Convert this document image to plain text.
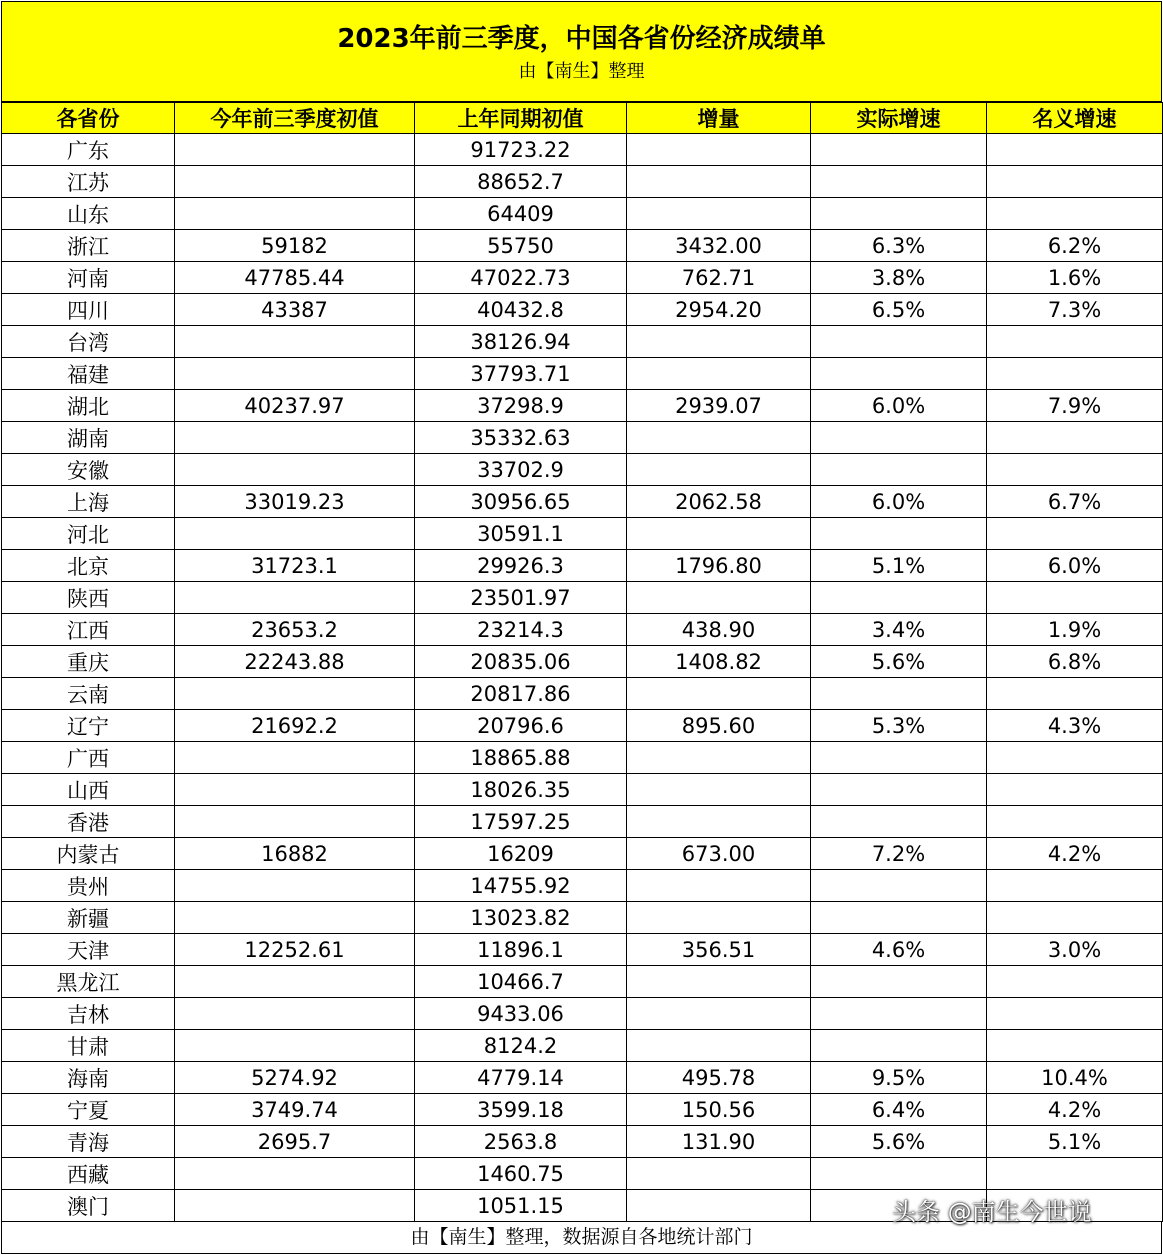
2023年前三季度，中国各省份经济成绩单
由【南生】整理
各省份	今年前三季度初值	上年同期初值	增量	实际增速	名义增速
广东		91723.22			
江苏		88652.7			
山东		64409			
浙江	59182	55750	3432.00	6.3%	6.2%
河南	47785.44	47022.73	762.71	3.8%	1.6%
四川	43387	40432.8	2954.20	6.5%	7.3%
台湾		38126.94			
福建		37793.71			
湖北	40237.97	37298.9	2939.07	6.0%	7.9%
湖南		35332.63			
安徽		33702.9			
上海	33019.23	30956.65	2062.58	6.0%	6.7%
河北		30591.1			
北京	31723.1	29926.3	1796.80	5.1%	6.0%
陕西		23501.97			
江西	23653.2	23214.3	438.90	3.4%	1.9%
重庆	22243.88	20835.06	1408.82	5.6%	6.8%
云南		20817.86			
辽宁	21692.2	20796.6	895.60	5.3%	4.3%
广西		18865.88			
山西		18026.35			
香港		17597.25			
内蒙古	16882	16209	673.00	7.2%	4.2%
贵州		14755.92			
新疆		13023.82			
天津	12252.61	11896.1	356.51	4.6%	3.0%
黑龙江		10466.7			
吉林		9433.06			
甘肃		8124.2			
海南	5274.92	4779.14	495.78	9.5%	10.4%
宁夏	3749.74	3599.18	150.56	6.4%	4.2%
青海	2695.7	2563.8	131.90	5.6%	5.1%
西藏		1460.75			
澳门		1051.15			
由【南生】整理，数据源自各地统计部门
头条 @南生今世说
